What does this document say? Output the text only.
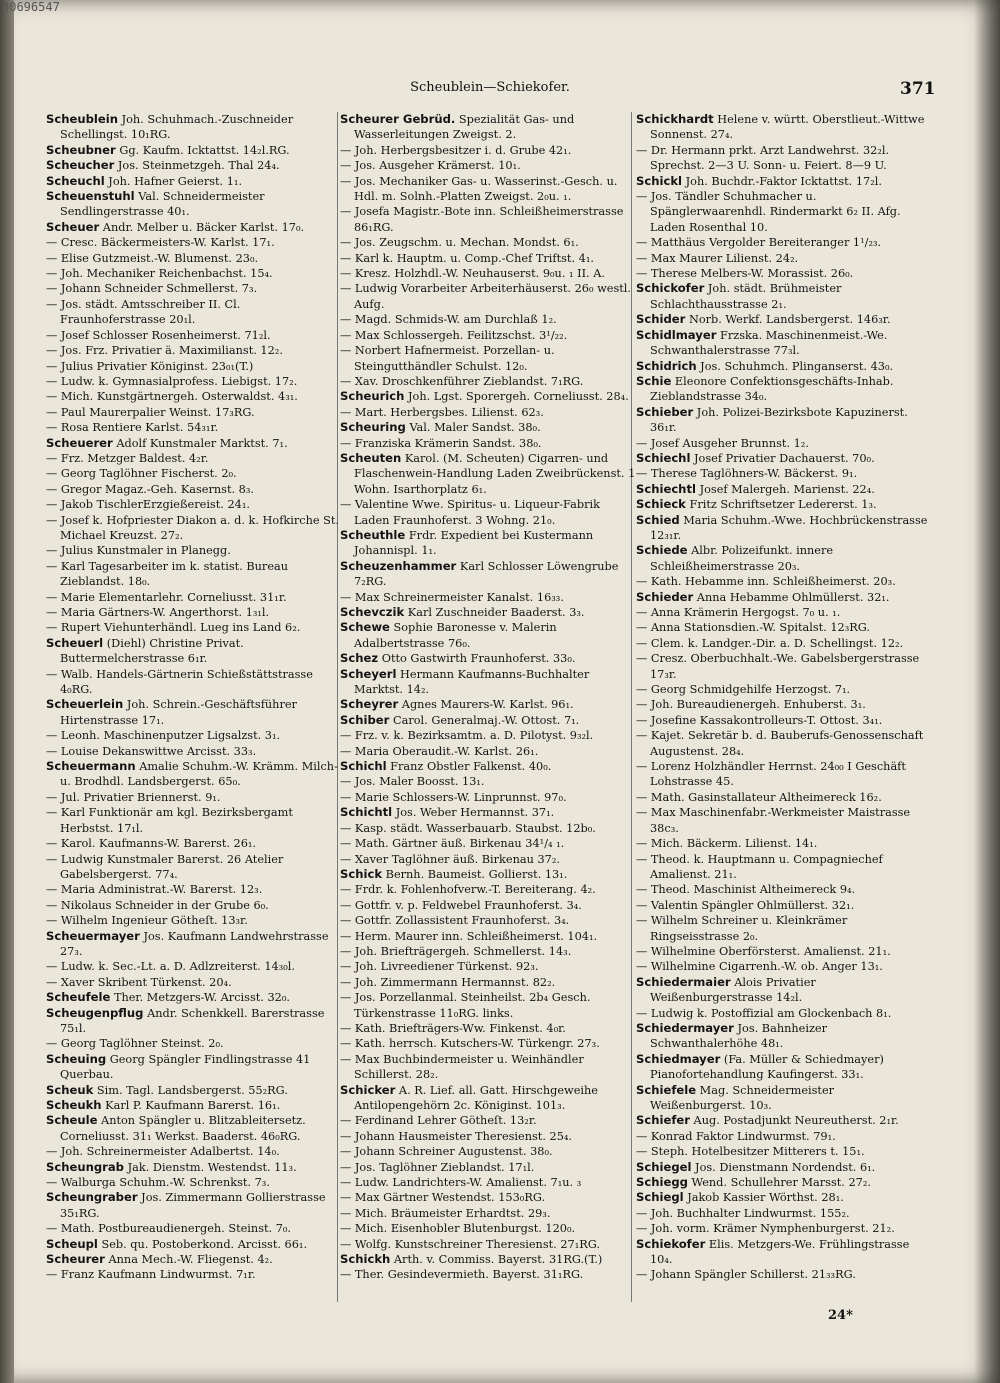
00696547
Scheublein—Schiekofer.	371
Scheublein Joh. Schuhmach.-Zuschneider Schellingst. 10₁RG.
Scheubner Gg. Kaufm. Icktattst. 14₂l.RG.
Scheucher Jos. Steinmetzgeh. Thal 24₄.
Scheuchl Joh. Hafner Geierst. 1₁.
Scheuenstuhl Val. Schneidermeister Sendlingerstrasse 40₁.
Scheuer Andr. Melber u. Bäcker Karlst. 17₀.
— Cresc. Bäckermeisters-W. Karlst. 17₁.
— Elise Gutzmeist.-W. Blumenst. 23₀.
— Joh. Mechaniker Reichenbachst. 15₄.
— Johann Schneider Schmellerst. 7₃.
— Jos. städt. Amtsschreiber II. Cl. Fraunhoferstrasse 20₁l.
— Josef Schlosser Rosenheimerst. 71₂l.
— Jos. Frz. Privatier ä. Maximilianst. 12₂.
— Julius Privatier Königinst. 23₀₁(T.)
— Ludw. k. Gymnasialprofess. Liebigst. 17₂.
— Mich. Kunstgärtnergeh. Osterwaldst. 4₃₁.
— Paul Maurerpalier Weinst. 17₃RG.
— Rosa Rentiere Karlst. 54₃₁r.
Scheuerer Adolf Kunstmaler Marktst. 7₁.
— Frz. Metzger Baldest. 4₂r.
— Georg Taglöhner Fischerst. 2₀.
— Gregor Magaz.-Geh. Kasernst. 8₃.
— Jakob TischlerErzgießereist. 24₁.
— Josef k. Hofpriester Diakon a. d. k. Hofkirche St. Michael Kreuzst. 27₂.
— Julius Kunstmaler in Planegg.
— Karl Tagesarbeiter im k. statist. Bureau Zieblandst. 18₀.
— Marie Elementarlehr. Corneliusst. 31₁r.
— Maria Gärtners-W. Angerthorst. 1₃₁l.
— Rupert Viehunterhändl. Lueg ins Land 6₂.
Scheuerl (Diehl) Christine Privat. Buttermelcherstrasse 6₁r.
— Walb. Handels-Gärtnerin Schießstättstrasse 4₀RG.
Scheuerlein Joh. Schrein.-Geschäftsführer Hirtenstrasse 17₁.
— Leonh. Maschinenputzer Ligsalzst. 3₁.
— Louise Dekanswittwe Arcisst. 33₃.
Scheuermann Amalie Schuhm.-W. Krämm. Milch- u. Brodhdl. Landsbergerst. 65₀.
— Jul. Privatier Briennerst. 9₁.
— Karl Funktionär am kgl. Bezirksbergamt Herbstst. 17₁l.
— Karol. Kaufmanns-W. Barerst. 26₁.
— Ludwig Kunstmaler Barerst. 26 Atelier Gabelsbergerst. 77₄.
— Maria Administrat.-W. Barerst. 12₃.
— Nikolaus Schneider in der Grube 6₀.
— Wilhelm Ingenieur Götheſt. 13₃r.
Scheuermayer Jos. Kaufmann Landwehrstrasse 27₃.
— Ludw. k. Sec.-Lt. a. D. Adlzreiterst. 14₃₀l.
— Xaver Skribent Türkenst. 20₄.
Scheufele Ther. Metzgers-W. Arcisst. 32₀.
Scheugenpflug Andr. Schenkkell. Barerstrasse 75₁l.
— Georg Taglöhner Steinst. 2₀.
Scheuing Georg Spängler Findlingstrasse 41 Querbau.
Scheuk Sim. Tagl. Landsbergerst. 55₂RG.
Scheukh Karl P. Kaufmann Barerst. 16₁.
Scheule Anton Spängler u. Blitzableitersetz. Corneliusst. 31₁ Werkst. Baaderst. 46₀RG.
— Joh. Schreinermeister Adalbertst. 14₀.
Scheungrab Jak. Dienstm. Westendst. 11₃.
— Walburga Schuhm.-W. Schrenkst. 7₃.
Scheungraber Jos. Zimmermann Gollierstrasse 35₁RG.
— Math. Postbureaudienergeh. Steinst. 7₀.
Scheupl Seb. qu. Postoberkond. Arcisst. 66₁.
Scheurer Anna Mech.-W. Fliegenst. 4₂.
— Franz Kaufmann Lindwurmst. 7₁r.
Scheurer Gebrüd. Spezialität Gas- und Wasserleitungen Zweigst. 2.
— Joh. Herbergsbesitzer i. d. Grube 42₁.
— Jos. Ausgeher Krämerst. 10₁.
— Jos. Mechaniker Gas- u. Wasserinst.-Gesch. u. Hdl. m. Solnh.-Platten Zweigst. 2₀u. ₁.
— Josefa Magistr.-Bote inn. Schleißheimerstrasse 86₁RG.
— Jos. Zeugschm. u. Mechan. Mondst. 6₁.
— Karl k. Hauptm. u. Comp.-Chef Triftst. 4₁.
— Kresz. Holzhdl.-W. Neuhauserst. 9₀u. ₁ II. A.
— Ludwig Vorarbeiter Arbeiterhäuserst. 26₀ westl. Aufg.
— Magd. Schmids-W. am Durchlaß 1₂.
— Max Schlossergeh. Feilitzschst. 3¹/₂₂.
— Norbert Hafnermeist. Porzellan- u. Steingutthändler Schulst. 12₀.
— Xav. Droschkenführer Zieblandst. 7₁RG.
Scheurich Joh. Lgst. Sporergeh. Corneliusst. 28₄.
— Mart. Herbergsbes. Lilienst. 62₃.
Scheuring Val. Maler Sandst. 38₀.
— Franziska Krämerin Sandst. 38₀.
Scheuten Karol. (M. Scheuten) Cigarren- und Flaschenwein-Handlung Laden Zweibrückenst. 1 Wohn. Isarthorplatz 6₁.
— Valentine Wwe. Spiritus- u. Liqueur-Fabrik Laden Fraunhoferst. 3 Wohng. 21₀.
Scheuthle Frdr. Expedient bei Kustermann Johannispl. 1₁.
Scheuzenhammer Karl Schlosser Löwengrube 7₂RG.
— Max Schreinermeister Kanalst. 16₃₃.
Schevczik Karl Zuschneider Baaderst. 3₃.
Schewe Sophie Baronesse v. Malerin Adalbertstrasse 76₀.
Schez Otto Gastwirth Fraunhoferst. 33₀.
Scheyerl Hermann Kaufmanns-Buchhalter Marktst. 14₂.
Scheyrer Agnes Maurers-W. Karlst. 96₁.
Schiber Carol. Generalmaj.-W. Ottost. 7₁.
— Frz. v. k. Bezirksamtm. a. D. Pilotyst. 9₃₂l.
— Maria Oberaudit.-W. Karlst. 26₁.
Schichl Franz Obstler Falkenst. 40₀.
— Jos. Maler Boosst. 13₁.
— Marie Schlossers-W. Linprunnst. 97₀.
Schichtl Jos. Weber Hermannst. 37₁.
— Kasp. städt. Wasserbauarb. Staubst. 12b₀.
— Math. Gärtner äuß. Birkenau 34¹/₄ ₁.
— Xaver Taglöhner äuß. Birkenau 37₂.
Schick Bernh. Baumeist. Gollierst. 13₁.
— Frdr. k. Fohlenhofverw.-T. Bereiterang. 4₂.
— Gottfr. v. p. Feldwebel Fraunhoferst. 3₄.
— Gottfr. Zollassistent Fraunhoferst. 3₄.
— Herm. Maurer inn. Schleißheimerst. 104₁.
— Joh. Briefträgergeh. Schmellerst. 14₃.
— Joh. Livreediener Türkenst. 92₃.
— Joh. Zimmermann Hermannst. 82₂.
— Jos. Porzellanmal. Steinheilst. 2b₄ Gesch. Türkenstrasse 11₀RG. links.
— Kath. Briefträgers-Ww. Finkenst. 4₀r.
— Kath. herrsch. Kutschers-W. Türkengr. 27₃.
— Max Buchbindermeister u. Weinhändler Schillerst. 28₂.
Schicker A. R. Lief. all. Gatt. Hirschgeweihe Antilopengehörn 2c. Königinst. 101₃.
— Ferdinand Lehrer Götheſt. 13₂r.
— Johann Hausmeister Theresienst. 25₄.
— Johann Schreiner Augustenst. 38₀.
— Jos. Taglöhner Zieblandst. 17₁l.
— Ludw. Landrichters-W. Amalienst. 7₁u. ₃
— Max Gärtner Westendst. 153₀RG.
— Mich. Bräumeister Erhardtst. 29₃.
— Mich. Eisenhobler Blutenburgst. 120₀.
— Wolfg. Kunstschreiner Theresienst. 27₁RG.
Schickh Arth. v. Commiss. Bayerst. 31RG.(T.)
— Ther. Gesindevermieth. Bayerst. 31₁RG.
Schickhardt Helene v. württ. Oberstlieut.-Wittwe Sonnenst. 27₄.
— Dr. Hermann prkt. Arzt Landwehrst. 32₂l. Sprechst. 2—3 U. Sonn- u. Feiert. 8—9 U.
Schickl Joh. Buchdr.-Faktor Icktattst. 17₂l.
— Jos. Tändler Schuhmacher u. Spänglerwaarenhdl. Rindermarkt 6₂ II. Afg. Laden Rosenthal 10.
— Matthäus Vergolder Bereiteranger 1¹/₂₃.
— Max Maurer Lilienst. 24₂.
— Therese Melbers-W. Morassist. 26₀.
Schickofer Joh. städt. Brühmeister Schlachthausstrasse 2₁.
Schider Norb. Werkf. Landsbergerst. 146₃r.
Schidlmayer Frzska. Maschinenmeist.-We. Schwanthalerstrasse 77₃l.
Schidrich Jos. Schuhmch. Plinganserst. 43₀.
Schie Eleonore Confektionsgeschäfts-Inhab. Zieblandstrasse 34₀.
Schieber Joh. Polizei-Bezirksbote Kapuzinerst. 36₁r.
— Josef Ausgeher Brunnst. 1₂.
Schiechl Josef Privatier Dachauerst. 70₀.
— Therese Taglöhners-W. Bäckerst. 9₁.
Schiechtl Josef Malergeh. Marienst. 22₄.
Schieck Fritz Schriftsetzer Ledererst. 1₃.
Schied Maria Schuhm.-Wwe. Hochbrückenstrasse 12₃₁r.
Schiede Albr. Polizeifunkt. innere Schleißheimerstrasse 20₃.
— Kath. Hebamme inn. Schleißheimerst. 20₃.
Schieder Anna Hebamme Ohlmüllerst. 32₁.
— Anna Krämerin Hergogst. 7₀ u. ₁.
— Anna Stationsdien.-W. Spitalst. 12₃RG.
— Clem. k. Landger.-Dir. a. D. Schellingst. 12₂.
— Cresz. Oberbuchhalt.-We. Gabelsbergerstrasse 17₃r.
— Georg Schmidgehilfe Herzogst. 7₁.
— Joh. Bureaudienergeh. Enhuberst. 3₁.
— Josefine Kassakontrolleurs-T. Ottost. 3₄₁.
— Kajet. Sekretär b. d. Bauberufs-Genossenschaft Augustenst. 28₄.
— Lorenz Holzhändler Herrnst. 24₀₀ I Geschäft Lohstrasse 45.
— Math. Gasinstallateur Altheimereck 16₂.
— Max Maschinenfabr.-Werkmeister Maistrasse 38c₃.
— Mich. Bäckerm. Lilienst. 14₁.
— Theod. k. Hauptmann u. Compagniechef Amalienst. 21₁.
— Theod. Maschinist Altheimereck 9₄.
— Valentin Spängler Ohlmüllerst. 32₁.
— Wilhelm Schreiner u. Kleinkrämer Ringseisstrasse 2₀.
— Wilhelmine Oberförsterst. Amalienst. 21₁.
— Wilhelmine Cigarrenh.-W. ob. Anger 13₁.
Schiedermaier Alois Privatier Weißenburgerstrasse 14₂l.
— Ludwig k. Postoffizial am Glockenbach 8₁.
Schiedermayer Jos. Bahnheizer Schwanthalerhöhe 48₁.
Schiedmayer (Fa. Müller & Schiedmayer) Pianofortehandlung Kaufingerst. 33₁.
Schiefele Mag. Schneidermeister Weißenburgerst. 10₃.
Schiefer Aug. Postadjunkt Neureutherst. 2₁r.
— Konrad Faktor Lindwurmst. 79₁.
— Steph. Hotelbesitzer Mitterers t. 15₁.
Schiegel Jos. Dienstmann Nordendst. 6₁.
Schiegg Wend. Schullehrer Marsst. 27₂.
Schiegl Jakob Kassier Wörthst. 28₁.
— Joh. Buchhalter Lindwurmst. 155₂.
— Joh. vorm. Krämer Nymphenburgerst. 21₂.
Schiekofer Elis. Metzgers-We. Frühlingstrasse 10₄.
— Johann Spängler Schillerst. 21₃₃RG.
24*
